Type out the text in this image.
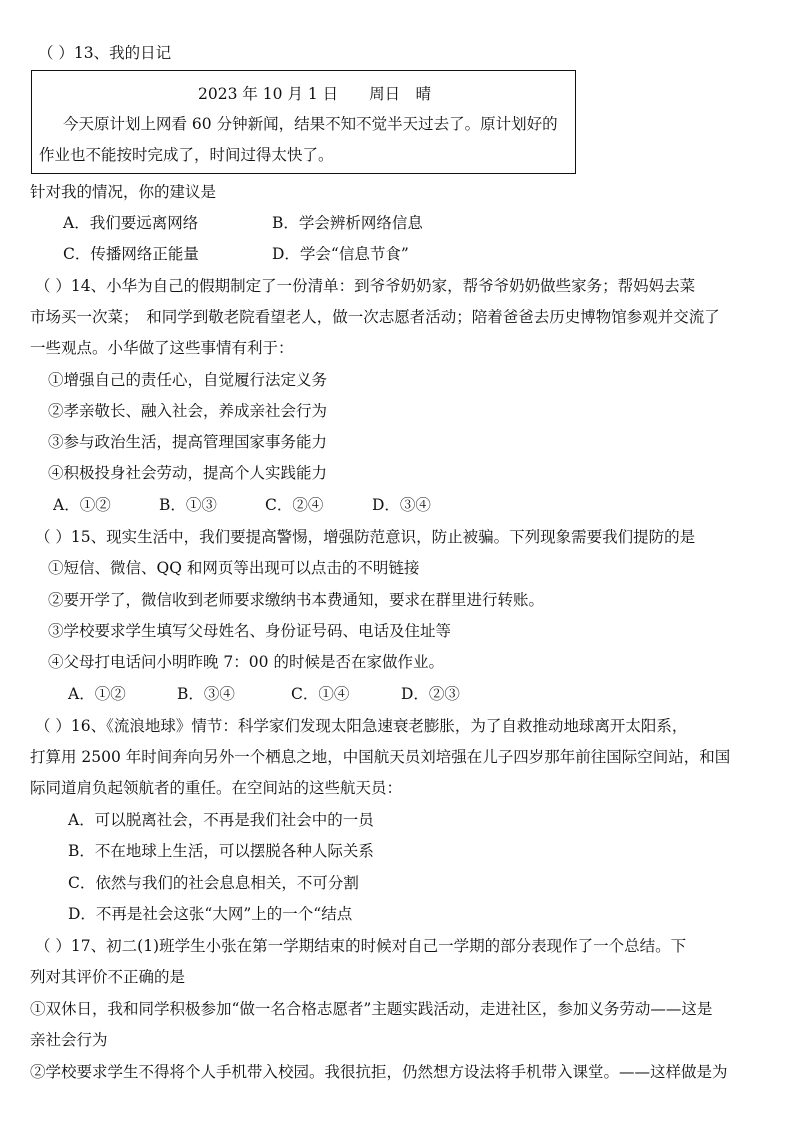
（ ）13、我的日记
2023 年 10 月 1 日　　周日　晴
今天原计划上网看 60 分钟新闻，结果不知不觉半天过去了。原计划好的
作业也不能按时完成了，时间过得太快了。
针对我的情况，你的建议是
A．我们要远离网络	B．学会辨析网络信息
C．传播网络正能量	D．学会“信息节食”
（ ）14、小华为自己的假期制定了一份清单：到爷爷奶奶家，帮爷爷奶奶做些家务；帮妈妈去菜
市场买一次菜；　和同学到敬老院看望老人，做一次志愿者活动；陪着爸爸去历史博物馆参观并交流了
一些观点。小华做了这些事情有利于：
①增强自己的责任心，自觉履行法定义务
②孝亲敬长、融入社会，养成亲社会行为
③参与政治生活，提高管理国家事务能力
④积极投身社会劳动，提高个人实践能力
A．①②	B．①③	C．②④	D．③④
（ ）15、现实生活中，我们要提高警惕，增强防范意识，防止被骗。下列现象需要我们提防的是
①短信、微信、QQ 和网页等出现可以点击的不明链接
②要开学了，微信收到老师要求缴纳书本费通知，要求在群里进行转账。
③学校要求学生填写父母姓名、身份证号码、电话及住址等
④父母打电话问小明昨晚 7：00 的时候是否在家做作业。
A．①②	B．③④	C．①④	D．②③
（ ）16、《流浪地球》情节：科学家们发现太阳急速衰老膨胀，为了自救推动地球离开太阳系，
打算用 2500 年时间奔向另外一个栖息之地，中国航天员刘培强在儿子四岁那年前往国际空间站，和国
际同道肩负起领航者的重任。在空间站的这些航天员：
A．可以脱离社会，不再是我们社会中的一员
B．不在地球上生活，可以摆脱各种人际关系
C．依然与我们的社会息息相关，不可分割
D．不再是社会这张“大网”上的一个“结点
（ ）17、初二(1)班学生小张在第一学期结束的时候对自己一学期的部分表现作了一个总结。下
列对其评价不正确的是
①双休日，我和同学积极参加“做一名合格志愿者”主题实践活动，走进社区，参加义务劳动——这是
亲社会行为
②学校要求学生不得将个人手机带入校园。我很抗拒，仍然想方设法将手机带入课堂。——这样做是为
